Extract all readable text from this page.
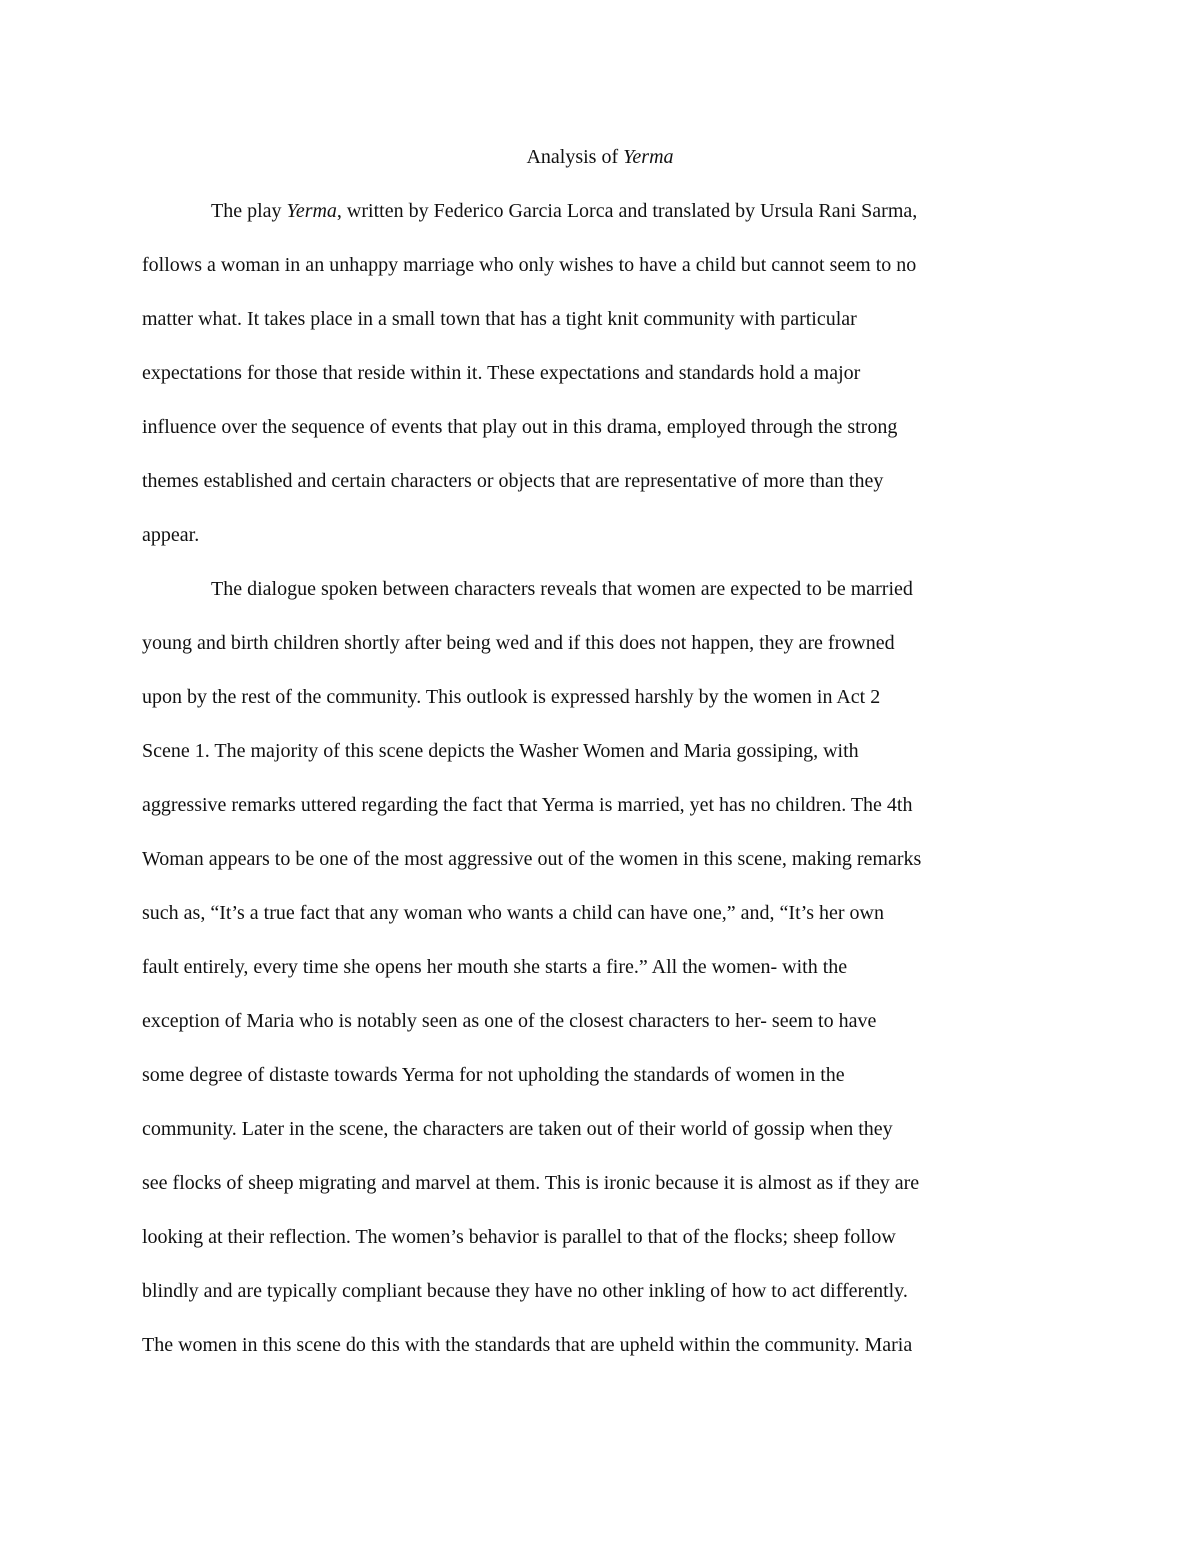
Analysis of Yerma
The play Yerma, written by Federico Garcia Lorca and translated by Ursula Rani Sarma,
follows a woman in an unhappy marriage who only wishes to have a child but cannot seem to no
matter what. It takes place in a small town that has a tight knit community with particular
expectations for those that reside within it. These expectations and standards hold a major
influence over the sequence of events that play out in this drama, employed through the strong
themes established and certain characters or objects that are representative of more than they
appear.
The dialogue spoken between characters reveals that women are expected to be married
young and birth children shortly after being wed and if this does not happen, they are frowned
upon by the rest of the community. This outlook is expressed harshly by the women in Act 2
Scene 1. The majority of this scene depicts the Washer Women and Maria gossiping, with
aggressive remarks uttered regarding the fact that Yerma is married, yet has no children. The 4th
Woman appears to be one of the most aggressive out of the women in this scene, making remarks
such as, “It’s a true fact that any woman who wants a child can have one,” and, “It’s her own
fault entirely, every time she opens her mouth she starts a fire.” All the women- with the
exception of Maria who is notably seen as one of the closest characters to her- seem to have
some degree of distaste towards Yerma for not upholding the standards of women in the
community. Later in the scene, the characters are taken out of their world of gossip when they
see flocks of sheep migrating and marvel at them. This is ironic because it is almost as if they are
looking at their reflection. The women’s behavior is parallel to that of the flocks; sheep follow
blindly and are typically compliant because they have no other inkling of how to act differently.
The women in this scene do this with the standards that are upheld within the community. Maria
